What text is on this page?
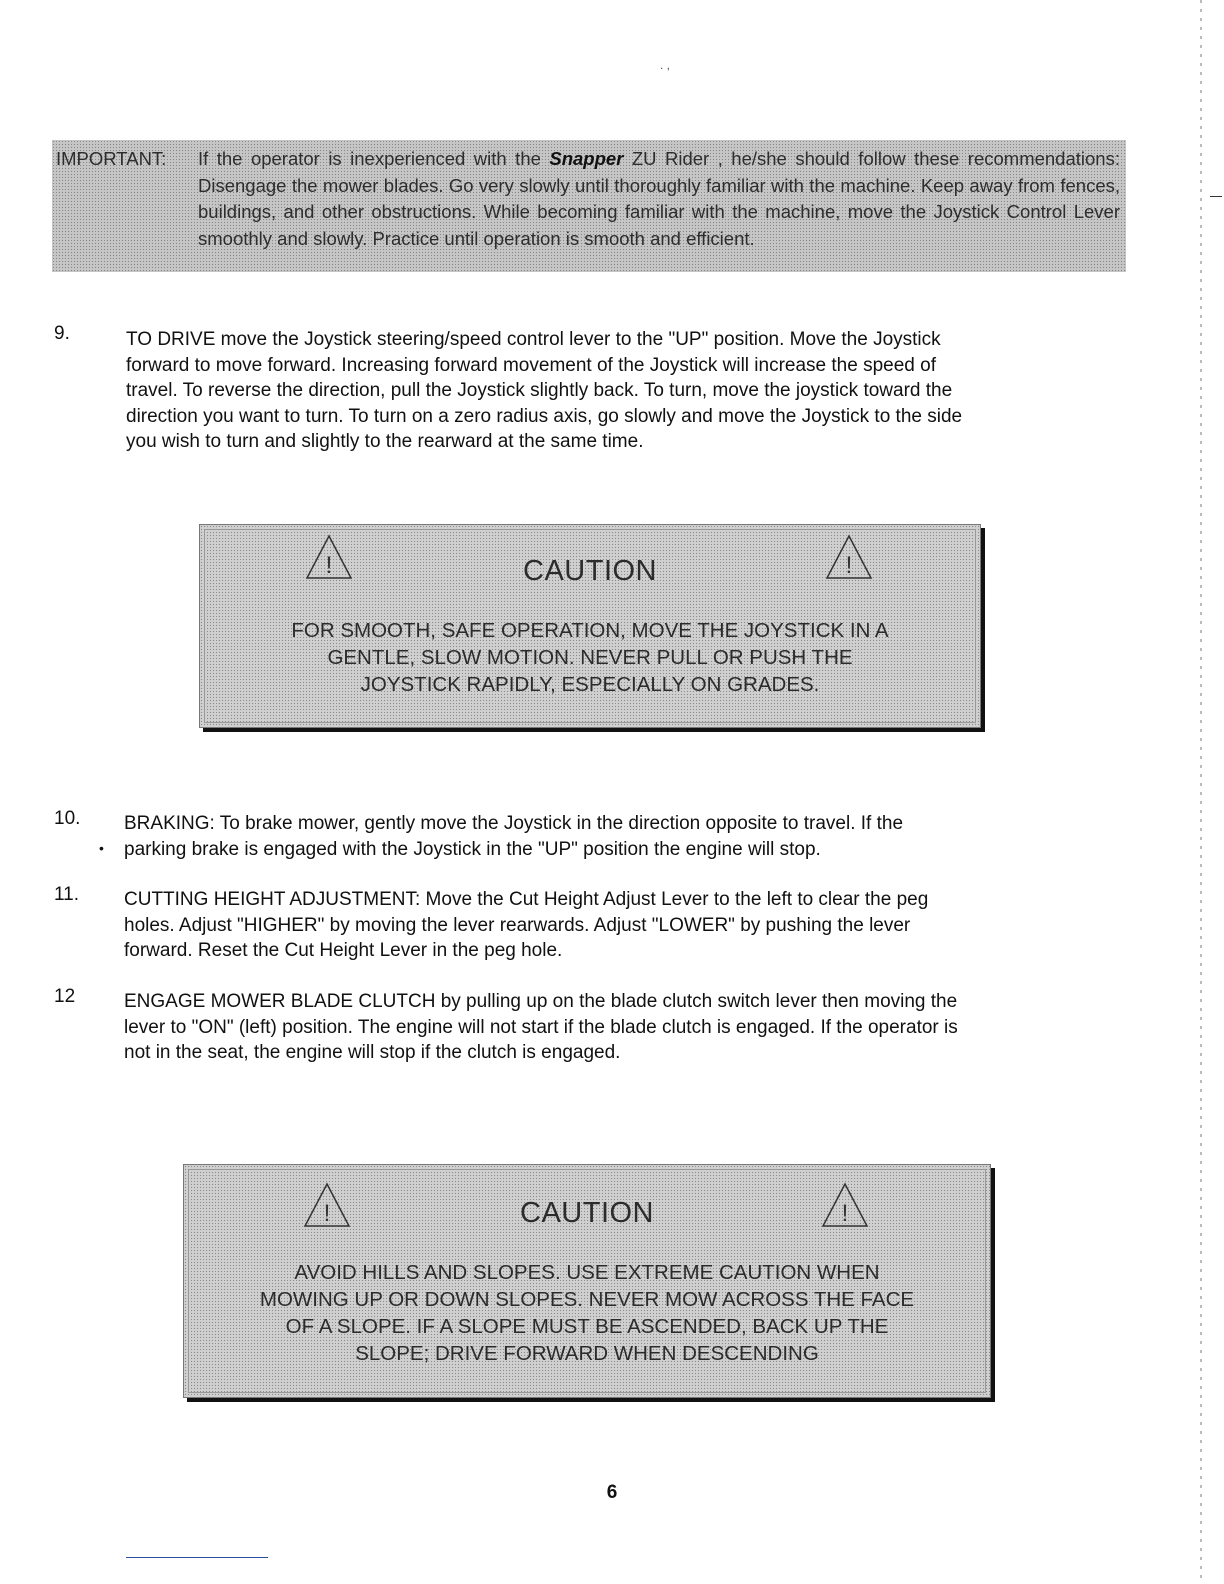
. ,
IMPORTANT: If the operator is inexperienced with the Snapper ZU Rider , he/she should follow these recommendations: Disengage the mower blades. Go very slowly until thoroughly familiar with the machine. Keep away from fences, buildings, and other obstructions. While becoming familiar with the machine, move the Joystick Control Lever smoothly and slowly. Practice until operation is smooth and efficient.
9.	TO DRIVE move the Joystick steering/speed control lever to the "UP" position. Move the Joystick
forward to move forward. Increasing forward movement of the Joystick will increase the speed of
travel. To reverse the direction, pull the Joystick slightly back. To turn, move the joystick toward the
direction you want to turn. To turn on a zero radius axis, go slowly and move the Joystick to the side
you wish to turn and slightly to the rearward at the same time.
!	CAUTION	!
FOR SMOOTH, SAFE OPERATION, MOVE THE JOYSTICK IN A
GENTLE, SLOW MOTION. NEVER PULL OR PUSH THE
JOYSTICK RAPIDLY, ESPECIALLY ON GRADES.
10.
•
BRAKING: To brake mower, gently move the Joystick in the direction opposite to travel. If the
parking brake is engaged with the Joystick in the "UP" position the engine will stop.
11. CUTTING HEIGHT ADJUSTMENT: Move the Cut Height Adjust Lever to the left to clear the peg
holes. Adjust "HIGHER" by moving the lever rearwards. Adjust "LOWER" by pushing the lever
forward. Reset the Cut Height Lever in the peg hole.
12	ENGAGE MOWER BLADE CLUTCH by pulling up on the blade clutch switch lever then moving the
lever to "ON" (left) position. The engine will not start if the blade clutch is engaged. If the operator is
not in the seat, the engine will stop if the clutch is engaged.
!	CAUTION	!
AVOID HILLS AND SLOPES. USE EXTREME CAUTION WHEN
MOWING UP OR DOWN SLOPES. NEVER MOW ACROSS THE FACE
OF A SLOPE. IF A SLOPE MUST BE ASCENDED, BACK UP THE
SLOPE; DRIVE FORWARD WHEN DESCENDING
6
